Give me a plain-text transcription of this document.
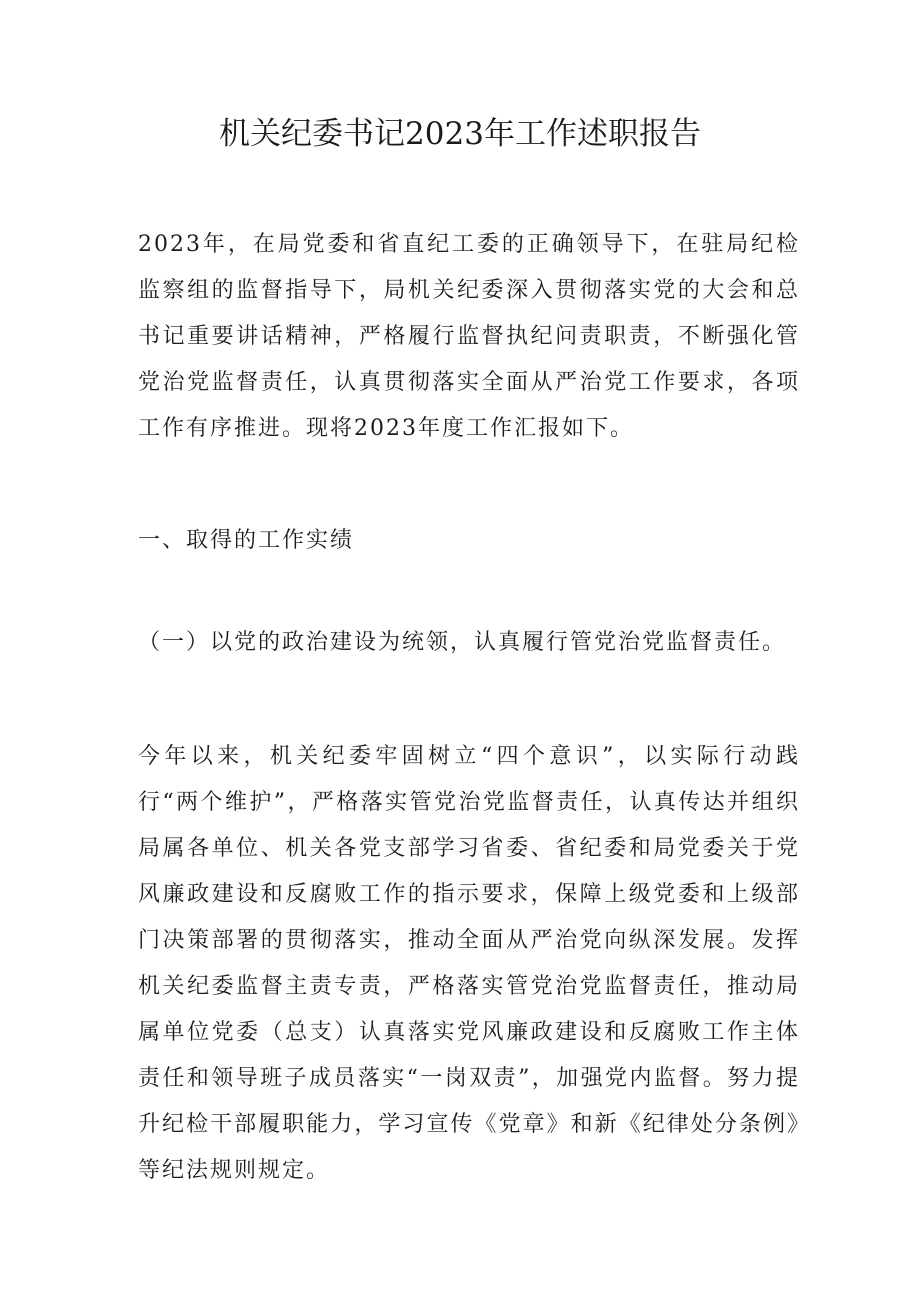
机关纪委书记2023年工作述职报告

2023年，在局党委和省直纪工委的正确领导下，在驻局纪检监察组的监督指导下，局机关纪委深入贯彻落实党的大会和总书记重要讲话精神，严格履行监督执纪问责职责，不断强化管党治党监督责任，认真贯彻落实全面从严治党工作要求，各项工作有序推进。现将2023年度工作汇报如下。

一、取得的工作实绩

（一）以党的政治建设为统领，认真履行管党治党监督责任。

今年以来，机关纪委牢固树立“四个意识”，以实际行动践行“两个维护”，严格落实管党治党监督责任，认真传达并组织局属各单位、机关各党支部学习省委、省纪委和局党委关于党风廉政建设和反腐败工作的指示要求，保障上级党委和上级部门决策部署的贯彻落实，推动全面从严治党向纵深发展。发挥机关纪委监督主责专责，严格落实管党治党监督责任，推动局属单位党委（总支）认真落实党风廉政建设和反腐败工作主体责任和领导班子成员落实“一岗双责”，加强党内监督。努力提升纪检干部履职能力，学习宣传《党章》和新《纪律处分条例》等纪法规则规定。
